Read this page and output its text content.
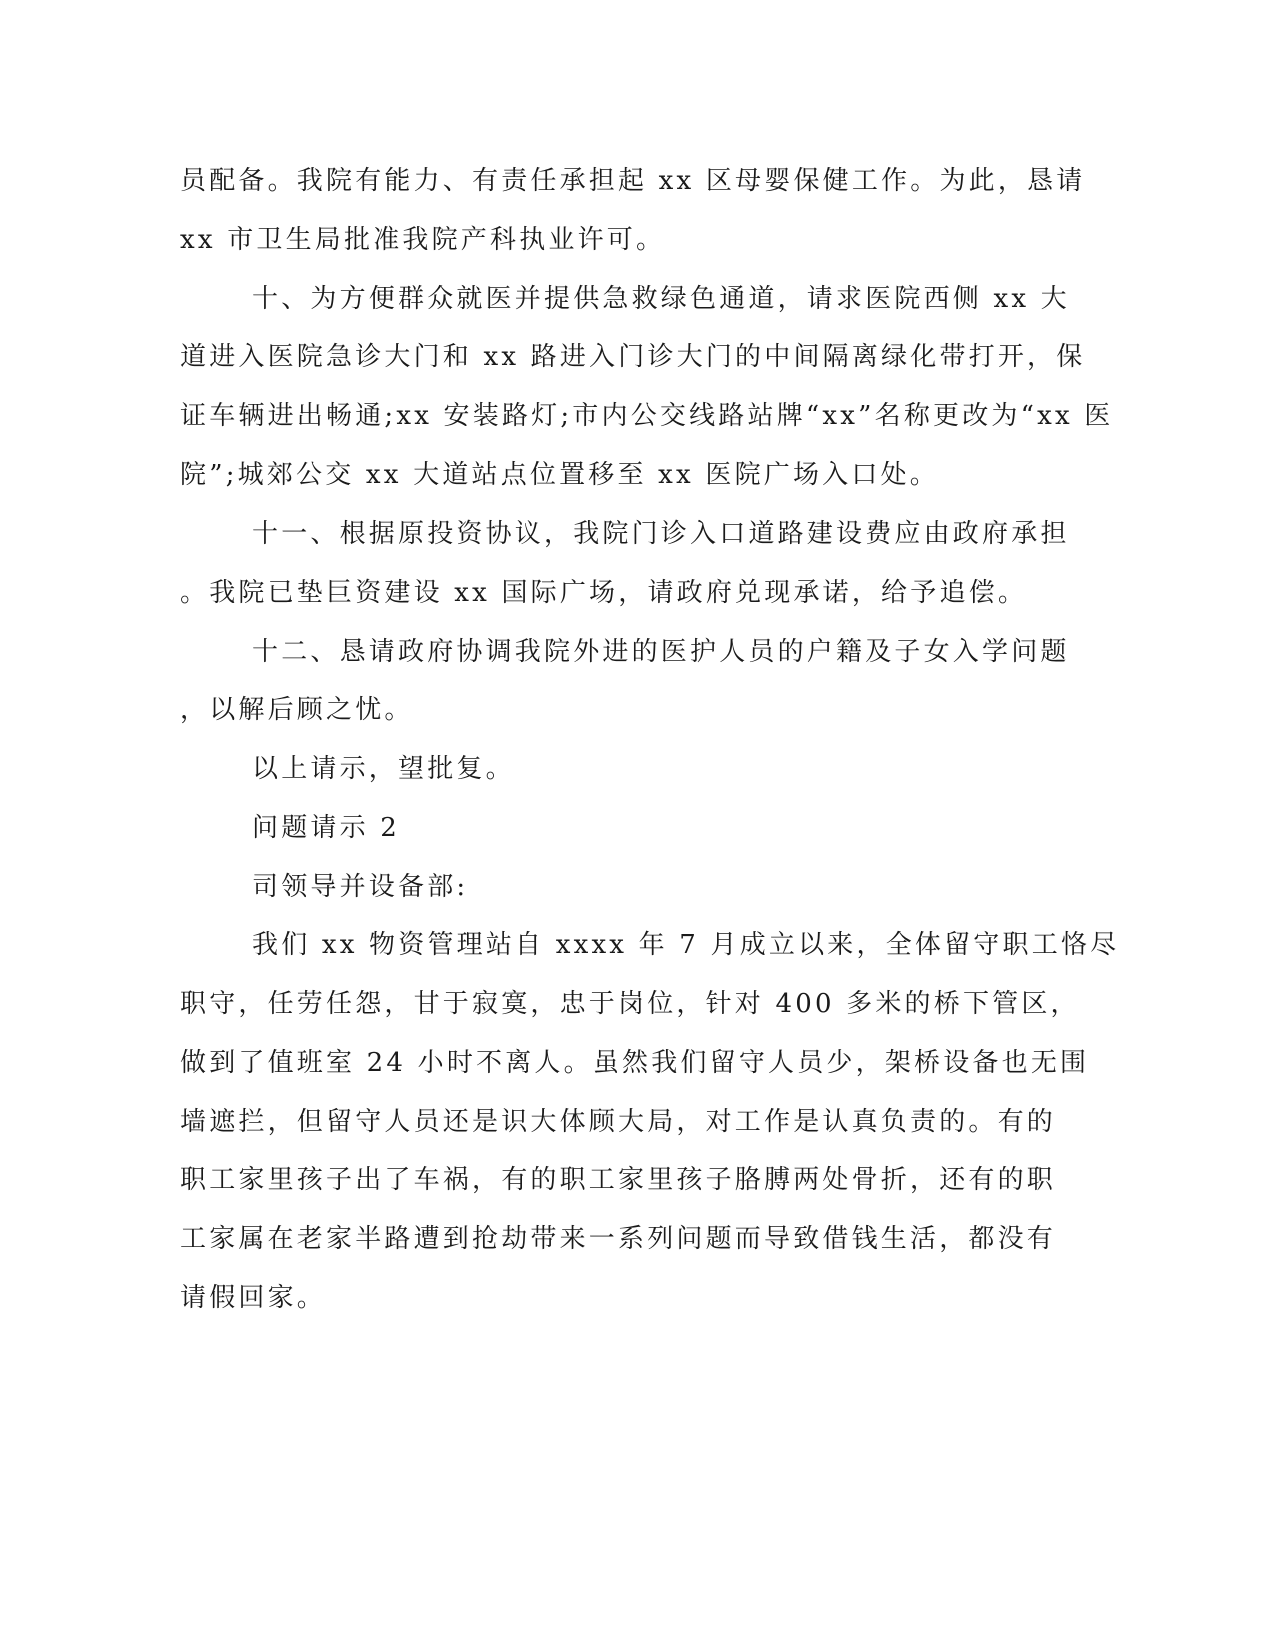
员配备。我院有能力、有责任承担起 xx 区母婴保健工作。为此，恳请
xx 市卫生局批准我院产科执业许可。
十、为方便群众就医并提供急救绿色通道，请求医院西侧 xx 大
道进入医院急诊大门和 xx 路进入门诊大门的中间隔离绿化带打开，保
证车辆进出畅通;xx 安装路灯;市内公交线路站牌“xx”名称更改为“xx 医
院”;城郊公交 xx 大道站点位置移至 xx 医院广场入口处。
十一、根据原投资协议，我院门诊入口道路建设费应由政府承担
。我院已垫巨资建设 xx 国际广场，请政府兑现承诺，给予追偿。
十二、恳请政府协调我院外进的医护人员的户籍及子女入学问题
，以解后顾之忧。
以上请示，望批复。
问题请示 2
司领导并设备部:
我们 xx 物资管理站自 xxxx 年 7 月成立以来，全体留守职工恪尽
职守，任劳任怨，甘于寂寞，忠于岗位，针对 400 多米的桥下管区，
做到了值班室 24 小时不离人。虽然我们留守人员少，架桥设备也无围
墙遮拦，但留守人员还是识大体顾大局，对工作是认真负责的。有的
职工家里孩子出了车祸，有的职工家里孩子胳膊两处骨折，还有的职
工家属在老家半路遭到抢劫带来一系列问题而导致借钱生活，都没有
请假回家。
